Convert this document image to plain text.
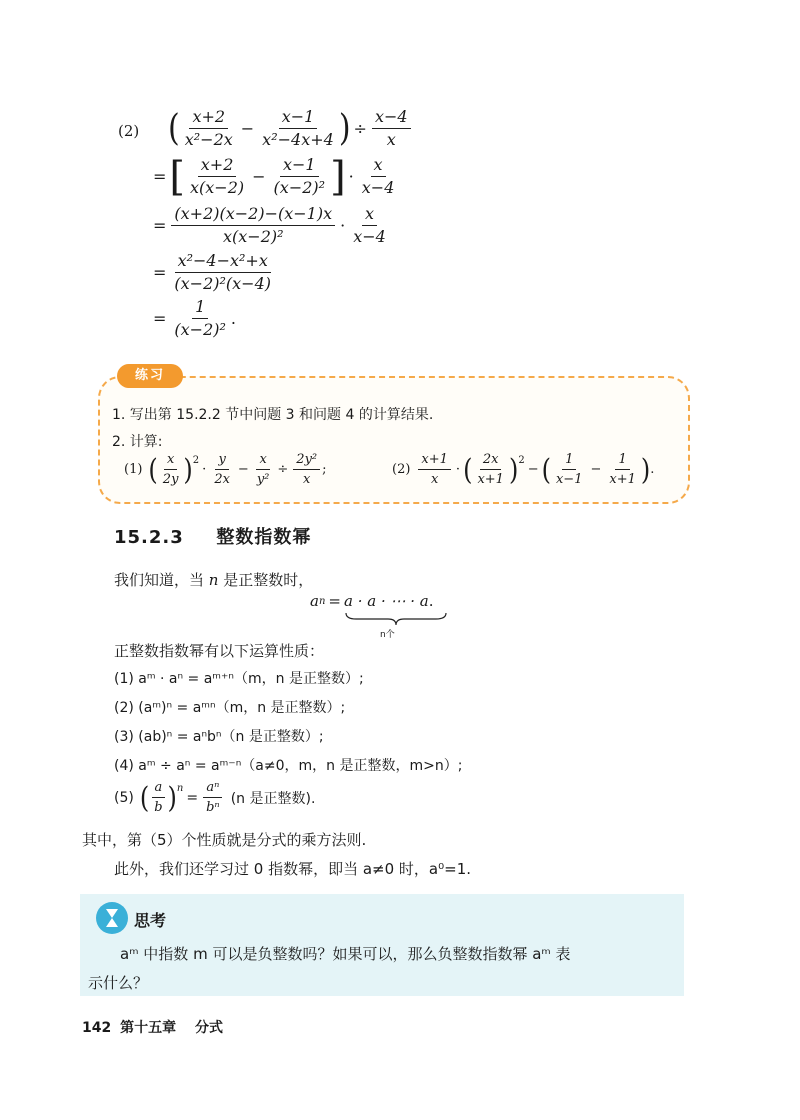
(2) ( $\frac{x+2}{\text{x²−2x}} - \frac{x-1}{\text{x²−4x+4}}$ ) ÷ $\frac{x-4}{x}$
= [ $\frac{x+2}{x(x-2)} - \frac{x-1}{\text{(x−2)²}}$ ] · $\frac{x}{x-4}$
= $\frac{(x+2)(x-2)-(x-1)x}{\text{x(x−2)²}} \cdot \frac{x}{x-4}$
= $\frac{\text{x²−4−x²+x}}{\text{(x−2)²(x−4)}}$
= $\frac{1}{\text{(x−2)²}}$ .
练习
1. 写出第 15.2.2 节中问题 3 和问题 4 的计算结果.
2. 计算:
(1) ( $\frac{x}{2y} )^2$
· $\frac{y}{2x} - \frac{x}{\text{y²}} \div \frac{\text{2y²}}{x}$ ;	$(2) \frac{x+1}{x}$ · ( $\frac{2x}{x+1} )^2$
− ( $\frac{1}{x-1} - \frac{1}{x+1}$ ) .
15.2.3 整数指数幂
我们知道，当 n 是正整数时，
a n = a · a · ⋯ · a .
n个
正整数指数幂有以下运算性质：
(1) aᵐ · aⁿ = aᵐ⁺ⁿ（m，n 是正整数）;
(2) (aᵐ)ⁿ = aᵐⁿ（m，n 是正整数）;
(3) (ab)ⁿ = aⁿbⁿ（n 是正整数）;
(4) aᵐ ÷ aⁿ = aᵐ⁻ⁿ（a≠0，m，n 是正整数，m>n）;
(5) ( $\frac{a}{b} )^n$
= $\frac{\text{aⁿ}}{\text{bⁿ}} (n$ 是正整数).
其中，第（5）个性质就是分式的乘方法则.
此外，我们还学习过 0 指数幂，即当 a≠0 时，a⁰=1.
思考
aᵐ 中指数 m 可以是负整数吗？如果可以，那么负整数指数幂 aᵐ 表
示什么？
142 第十五章 分式
